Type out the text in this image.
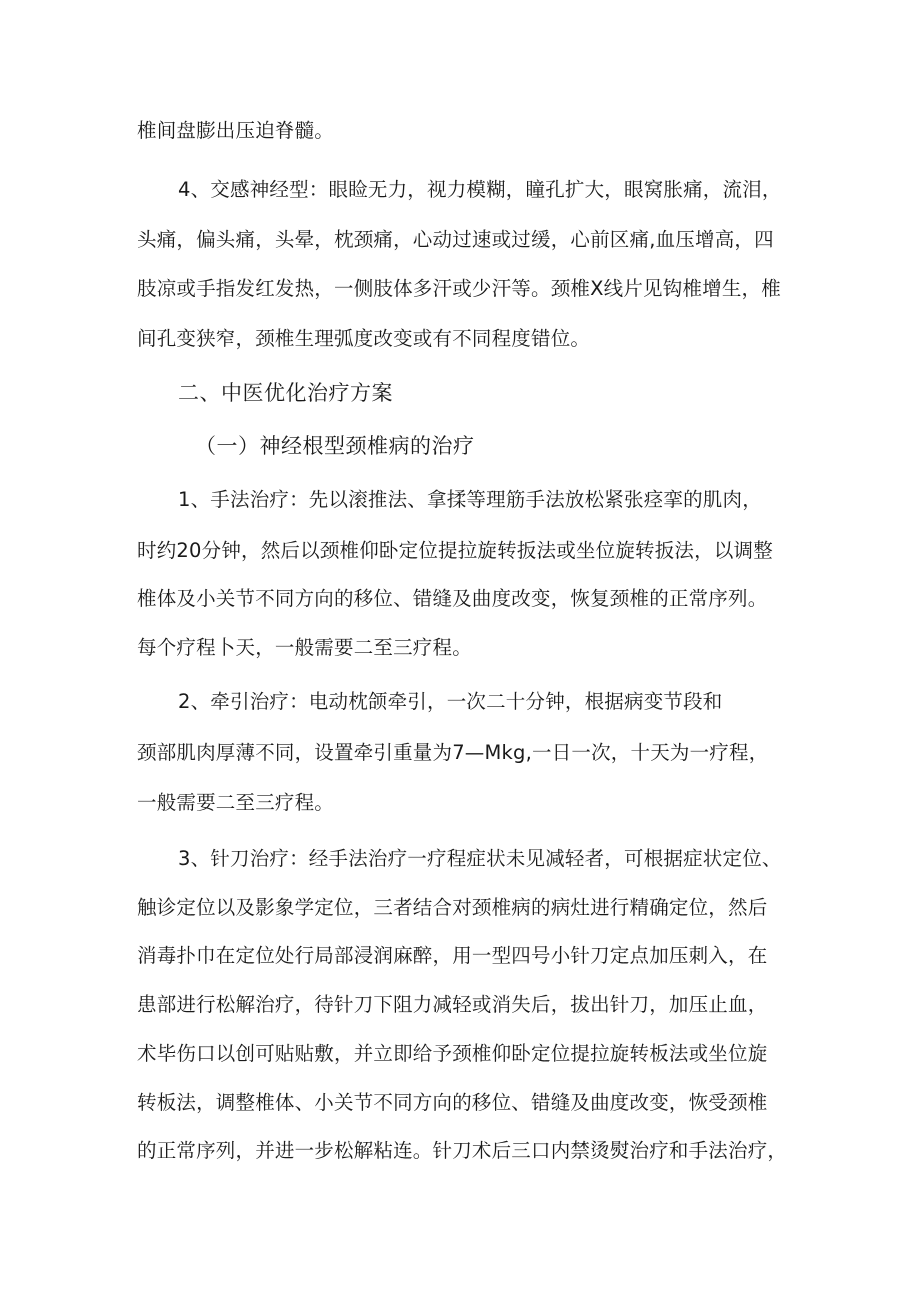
椎间盘膨出压迫脊髓。
4、交感神经型：眼睑无力，视力模糊，瞳孔扩大，眼窝胀痛，流泪，
头痛，偏头痛，头晕，枕颈痛，心动过速或过缓，心前区痛,血压增高，四
肢凉或手指发红发热，一侧肢体多汗或少汗等。颈椎X线片见钩椎增生，椎
间孔变狭窄，颈椎生理弧度改变或有不同程度错位。
二、中医优化治疗方案
（一）神经根型颈椎病的治疗
1、手法治疗：先以滚推法、拿揉等理筋手法放松紧张痉挛的肌肉，
时约20分钟，然后以颈椎仰卧定位提拉旋转扳法或坐位旋转扳法，以调整
椎体及小关节不同方向的移位、错缝及曲度改变，恢复颈椎的正常序列。
每个疗程卜天，一般需要二至三疗程。
2、牵引治疗：电动枕颌牵引，一次二十分钟，根据病变节段和
颈部肌肉厚薄不同，设置牵引重量为7—Mkg,一日一次，十天为一疗程，
一般需要二至三疗程。
3、针刀治疗：经手法治疗一疗程症状未见减轻者，可根据症状定位、
触诊定位以及影象学定位，三者结合对颈椎病的病灶进行精确定位，然后
消毒扑巾在定位处行局部浸润麻醉，用一型四号小针刀定点加压刺入，在
患部进行松解治疗，待针刀下阻力减轻或消失后，拔出针刀，加压止血，
术毕伤口以创可贴贴敷，并立即给予颈椎仰卧定位提拉旋转板法或坐位旋
转板法，调整椎体、小关节不同方向的移位、错缝及曲度改变，恢受颈椎
的正常序列，并进一步松解粘连。针刀术后三口内禁烫熨治疗和手法治疗，
